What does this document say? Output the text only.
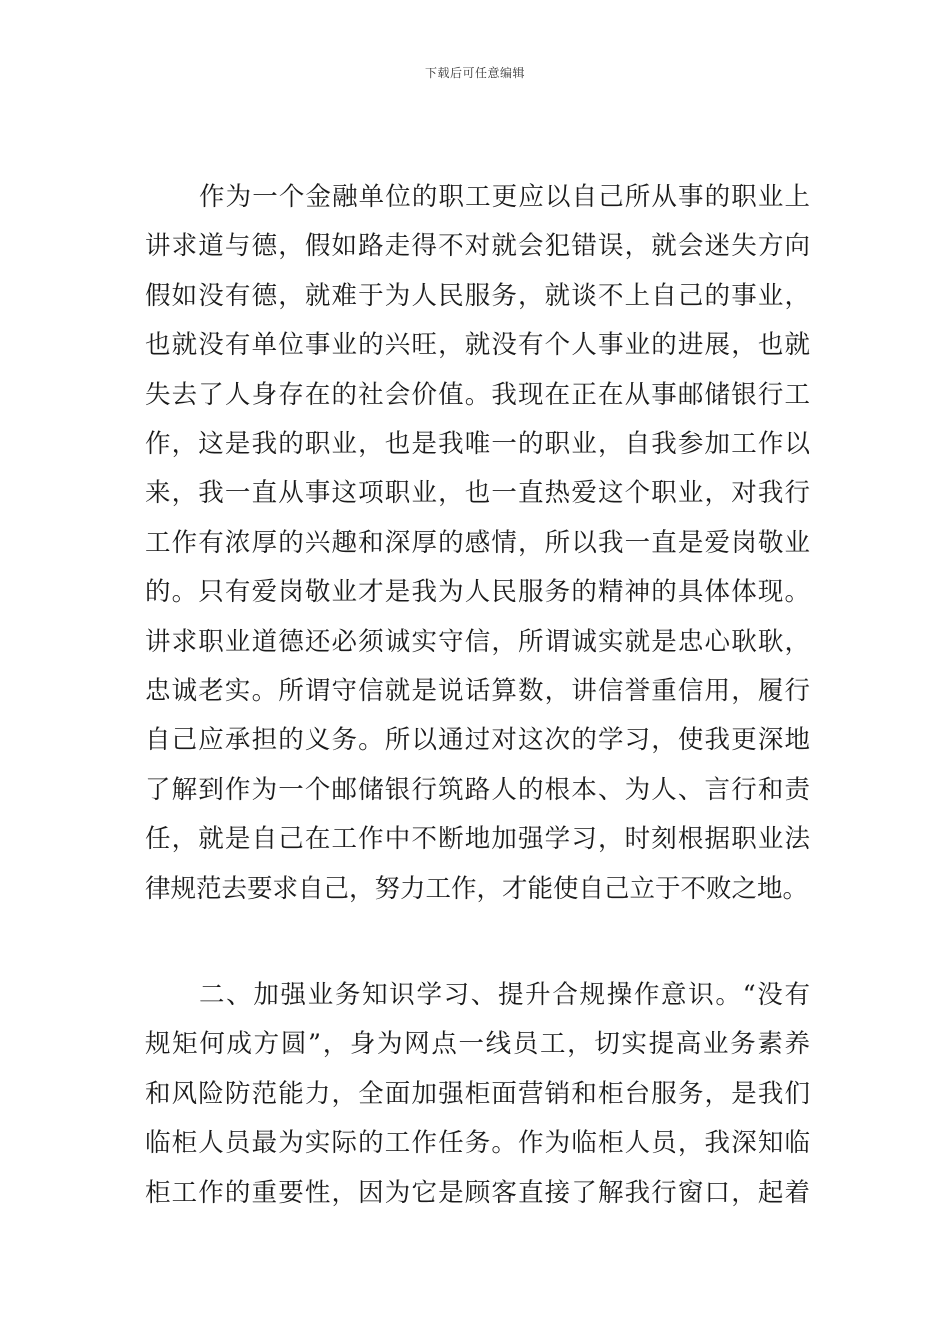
下载后可任意编辑
作为一个金融单位的职工更应以自己所从事的职业上
讲求道与德，假如路走得不对就会犯错误，就会迷失方向
假如没有德，就难于为人民服务，就谈不上自己的事业，
也就没有单位事业的兴旺，就没有个人事业的进展，也就
失去了人身存在的社会价值。我现在正在从事邮储银行工
作，这是我的职业，也是我唯一的职业，自我参加工作以
来，我一直从事这项职业，也一直热爱这个职业，对我行
工作有浓厚的兴趣和深厚的感情，所以我一直是爱岗敬业
的。只有爱岗敬业才是我为人民服务的精神的具体体现。
讲求职业道德还必须诚实守信，所谓诚实就是忠心耿耿，
忠诚老实。所谓守信就是说话算数，讲信誉重信用，履行
自己应承担的义务。所以通过对这次的学习，使我更深地
了解到作为一个邮储银行筑路人的根本、为人、言行和责
任，就是自己在工作中不断地加强学习，时刻根据职业法
律规范去要求自己，努力工作，才能使自己立于不败之地。
二、加强业务知识学习、提升合规操作意识。“没有
规矩何成方圆”，身为网点一线员工，切实提高业务素养
和风险防范能力，全面加强柜面营销和柜台服务，是我们
临柜人员最为实际的工作任务。作为临柜人员，我深知临
柜工作的重要性，因为它是顾客直接了解我行窗口，起着
